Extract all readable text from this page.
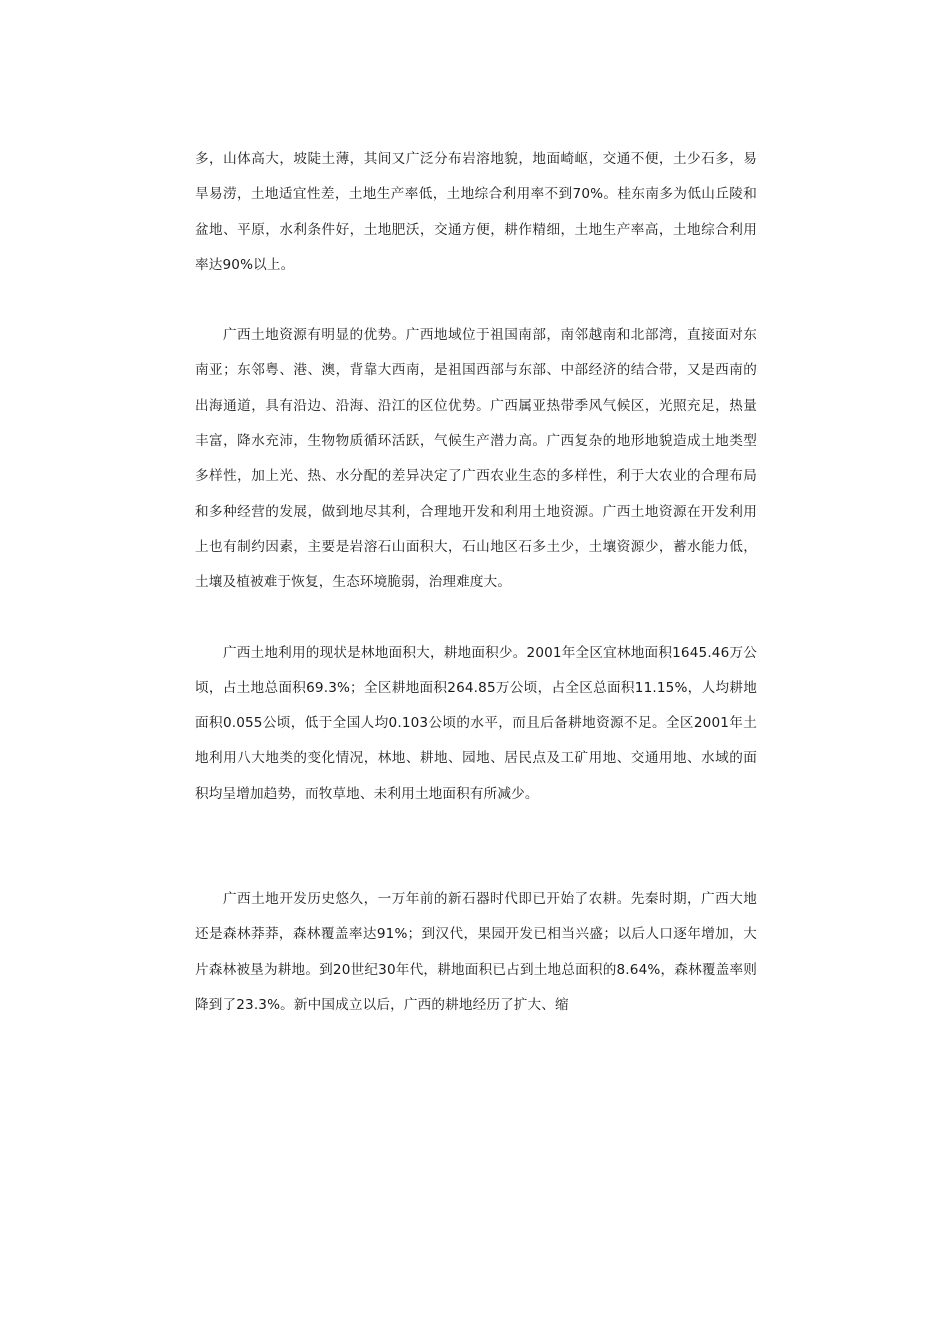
多，山体高大，坡陡土薄，其间又广泛分布岩溶地貌，地面崎岖，交通不便，土少石多，易旱易涝，土地适宜性差，土地生产率低，土地综合利用率不到70%。桂东南多为低山丘陵和盆地、平原，水利条件好，土地肥沃，交通方便，耕作精细，土地生产率高，土地综合利用率达90%以上。

广西土地资源有明显的优势。广西地域位于祖国南部，南邻越南和北部湾，直接面对东南亚；东邻粤、港、澳，背靠大西南，是祖国西部与东部、中部经济的结合带，又是西南的出海通道，具有沿边、沿海、沿江的区位优势。广西属亚热带季风气候区，光照充足，热量丰富，降水充沛，生物物质循环活跃，气候生产潜力高。广西复杂的地形地貌造成土地类型多样性，加上光、热、水分配的差异决定了广西农业生态的多样性，利于大农业的合理布局和多种经营的发展，做到地尽其利，合理地开发和利用土地资源。广西土地资源在开发利用上也有制约因素，主要是岩溶石山面积大，石山地区石多土少，土壤资源少，蓄水能力低，土壤及植被难于恢复，生态环境脆弱，治理难度大。

广西土地利用的现状是林地面积大，耕地面积少。2001年全区宜林地面积1645.46万公顷，占土地总面积69.3%；全区耕地面积264.85万公顷，占全区总面积11.15%，人均耕地面积0.055公顷，低于全国人均0.103公顷的水平，而且后备耕地资源不足。全区2001年土地利用八大地类的变化情况，林地、耕地、园地、居民点及工矿用地、交通用地、水域的面积均呈增加趋势，而牧草地、未利用土地面积有所减少。

广西土地开发历史悠久，一万年前的新石器时代即已开始了农耕。先秦时期，广西大地还是森林莽莽，森林覆盖率达91%；到汉代，果园开发已相当兴盛；以后人口逐年增加，大片森林被垦为耕地。到20世纪30年代，耕地面积已占到土地总面积的8.64%，森林覆盖率则降到了23.3%。新中国成立以后，广西的耕地经历了扩大、缩
